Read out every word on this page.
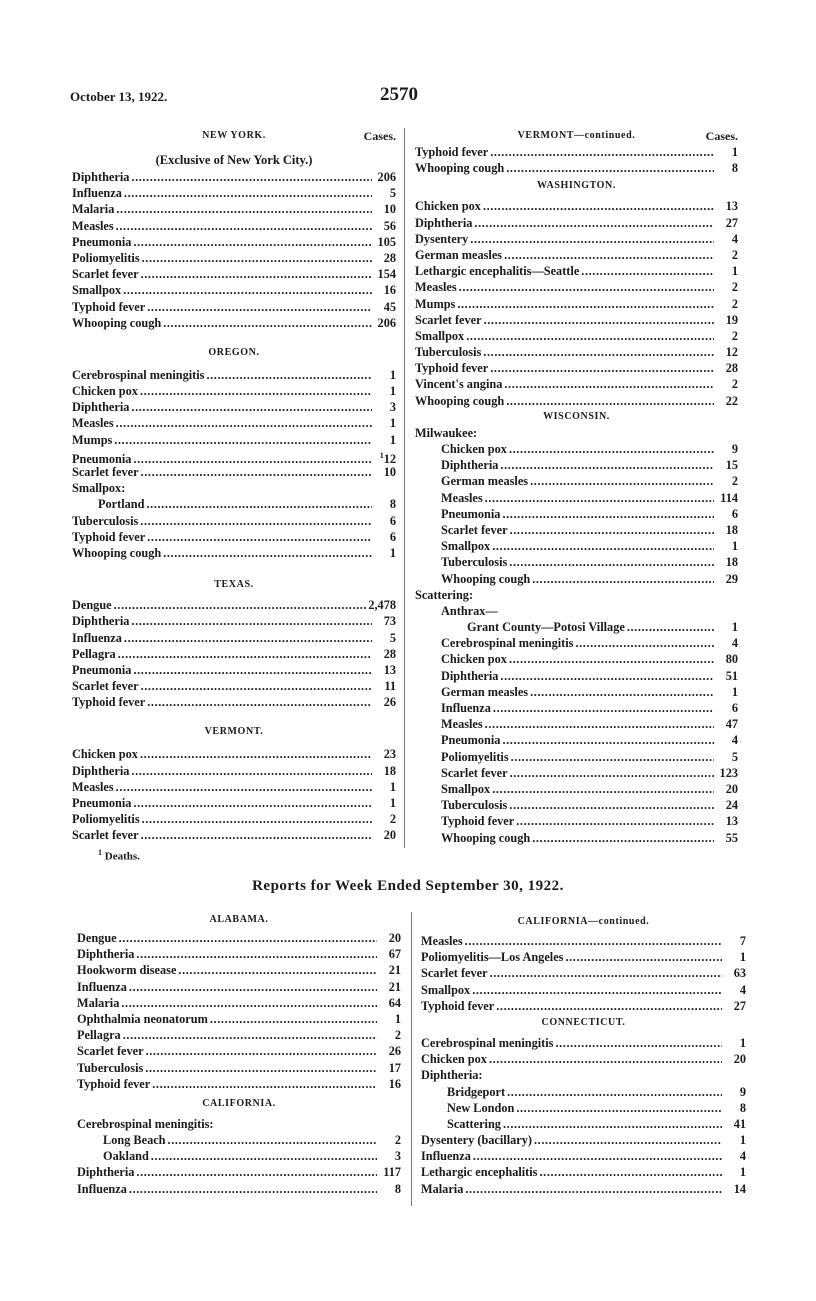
October 13, 1922.	2570
NEW YORK.	Cases.
(Exclusive of New York City.)
Diphtheria .....	206
Influenza .....	5
Malaria .....	10
Measles .....	56
Pneumonia .....	105
Poliomyelitis .....	28
Scarlet fever .....	154
Smallpox .....	16
Typhoid fever .....	45
Whooping cough .....	206
OREGON.
Cerebrospinal meningitis .....	1
Chicken pox .....	1
Diphtheria .....	3
Measles .....	1
Mumps .....	1
Pneumonia .....	$^1$12
Scarlet fever .....	10
Smallpox:
Portland .....	8
Tuberculosis .....	6
Typhoid fever .....	6
Whooping cough .....	1
TEXAS.
Dengue .....	2,478
Diphtheria .....	73
Influenza .....	5
Pellagra .....	28
Pneumonia .....	13
Scarlet fever .....	11
Typhoid fever .....	26
VERMONT.
Chicken pox .....	23
Diphtheria .....	18
Measles .....	1
Pneumonia .....	1
Poliomyelitis .....	2
Scarlet fever .....	20
VERMONT—continued.	Cases.
Typhoid fever .....	1
Whooping cough .....	8
WASHINGTON.
Chicken pox .....	13
Diphtheria .....	27
Dysentery .....	4
German measles .....	2
Lethargic encephalitis—Seattle .....	1
Measles .....	2
Mumps .....	2
Scarlet fever .....	19
Smallpox .....	2
Tuberculosis .....	12
Typhoid fever .....	28
Vincent's angina .....	2
Whooping cough .....	22
WISCONSIN.
Milwaukee:
Chicken pox .....	9
Diphtheria .....	15
German measles .....	2
Measles .....	114
Pneumonia .....	6
Scarlet fever .....	18
Smallpox .....	1
Tuberculosis .....	18
Whooping cough .....	29
Scattering:
Anthrax—
Grant County—Potosi Village .....	1
Cerebrospinal meningitis .....	4
Chicken pox .....	80
Diphtheria .....	51
German measles .....	1
Influenza .....	6
Measles .....	47
Pneumonia .....	4
Poliomyelitis .....	5
Scarlet fever .....	123
Smallpox .....	20
Tuberculosis .....	24
Typhoid fever .....	13
Whooping cough .....	55
$^1$ Deaths.
Reports for Week Ended September 30, 1922.
ALABAMA.
Dengue .....	20
Diphtheria .....	67
Hookworm disease .....	21
Influenza .....	21
Malaria .....	64
Ophthalmia neonatorum .....	1
Pellagra .....	2
Scarlet fever .....	26
Tuberculosis .....	17
Typhoid fever .....	16
CALIFORNIA.
Cerebrospinal meningitis:
Long Beach .....	2
Oakland .....	3
Diphtheria .....	117
Influenza .....	8
CALIFORNIA—continued.
Measles .....	7
Poliomyelitis—Los Angeles .....	1
Scarlet fever .....	63
Smallpox .....	4
Typhoid fever .....	27
CONNECTICUT.
Cerebrospinal meningitis .....	1
Chicken pox .....	20
Diphtheria:
Bridgeport .....	9
New London .....	8
Scattering .....	41
Dysentery (bacillary) .....	1
Influenza .....	4
Lethargic encephalitis .....	1
Malaria .....	14
